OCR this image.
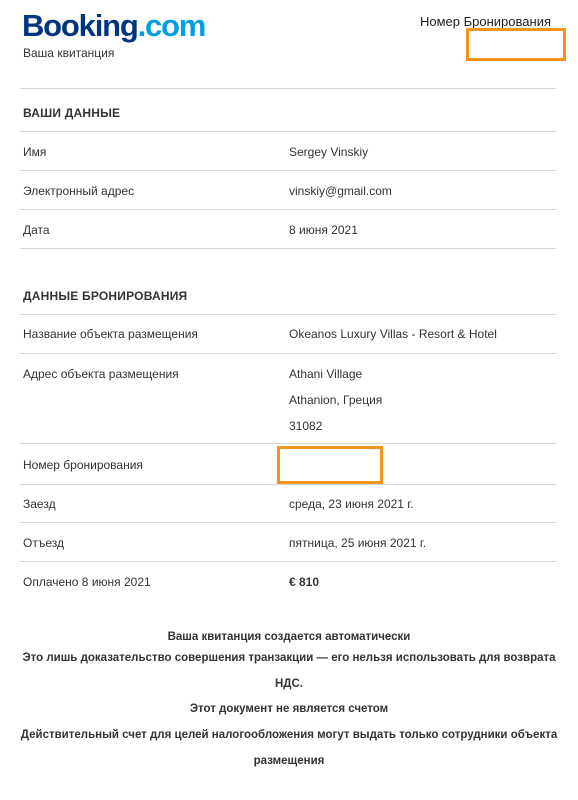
Booking.com
Ваша квитанция
Номер Бронирования
ВАШИ ДАННЫЕ
Имя	Sergey Vinskiy
Электронный адрес	vinskiy@gmail.com
Дата	8 июня 2021
ДАННЫЕ БРОНИРОВАНИЯ
Название объекта размещения	Okeanos Luxury Villas - Resort & Hotel
Адрес объекта размещения	Athani Village
Athanion, Греция
31082
Номер бронирования
Заезд	среда, 23 июня 2021 г.
Отъезд	пятница, 25 июня 2021 г.
Оплачено 8 июня 2021	€ 810
Ваша квитанция создается автоматически
Это лишь доказательство совершения транзакции — его нельзя использовать для возврата
НДС.
Этот документ не является счетом
Действительный счет для целей налогообложения могут выдать только сотрудники объекта
размещения
